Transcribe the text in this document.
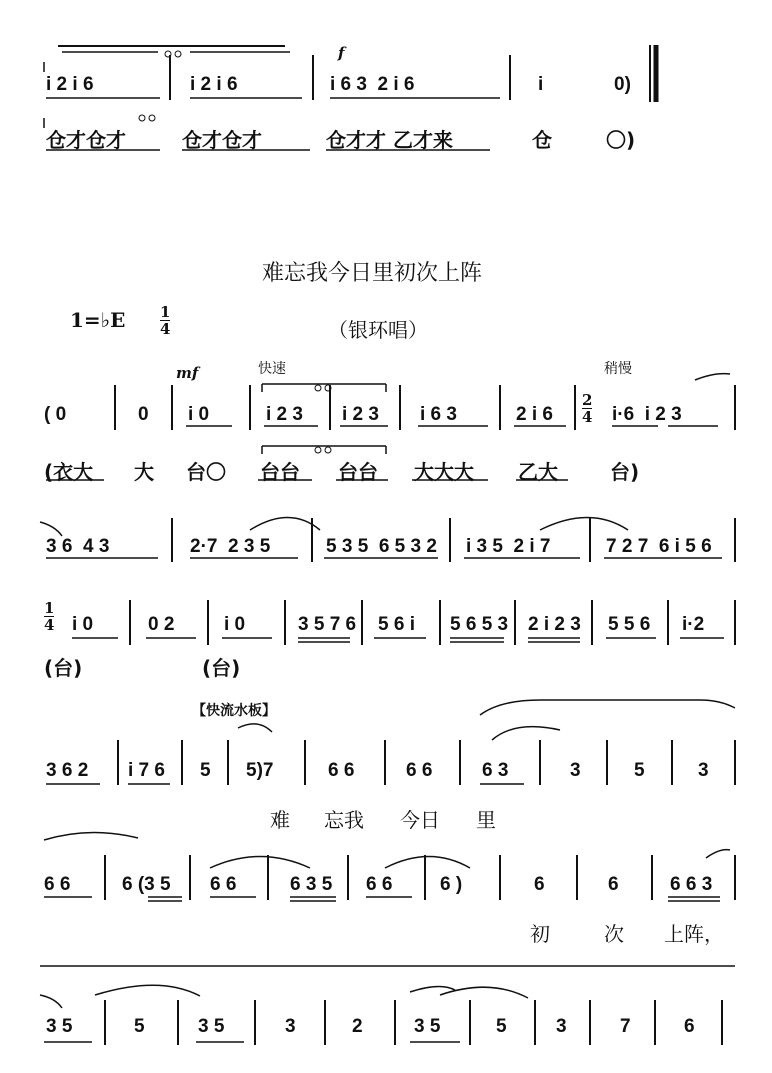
i 2 i 6	i 2 i 6	i 6 3  2 i 6	i	0)
f
仓才仓才	仓才仓才	仓才才 乙才来	仓	〇)
难忘我今日里初次上阵
1=♭E 1
4	（银环唱）
mf	快速	稍慢
( 0	0 i 0	i 2 3 i 2 3 i 6 3	2 i 6
2
4 i·6  i 2 3
(衣大 大 台〇 台台 台台 大大大 乙大	台)
3 6  4 3	2·7  2 3 5	5 3 5  6 5 3 2 i 3 5  2 i 7	7 2 7  6 i 5 6
1
4 i 0	0 2	i 0	3 5 7 6 5 6 i 5 6 5 3 2 i 2 3 5 5 6 i·2
(台)	(台)
【快流水板】
3 6 2 i 7 6 5 5)7	6 6	6 6	6 3	3	5	3
难 忘我 今日 里
6 6	6 (3 5 6 6	6 3 5 6 6	6 )	6	6	6 6 3
初	次 上阵，
3 5	5	3 5	3	2	3 5	5	3	7	6
